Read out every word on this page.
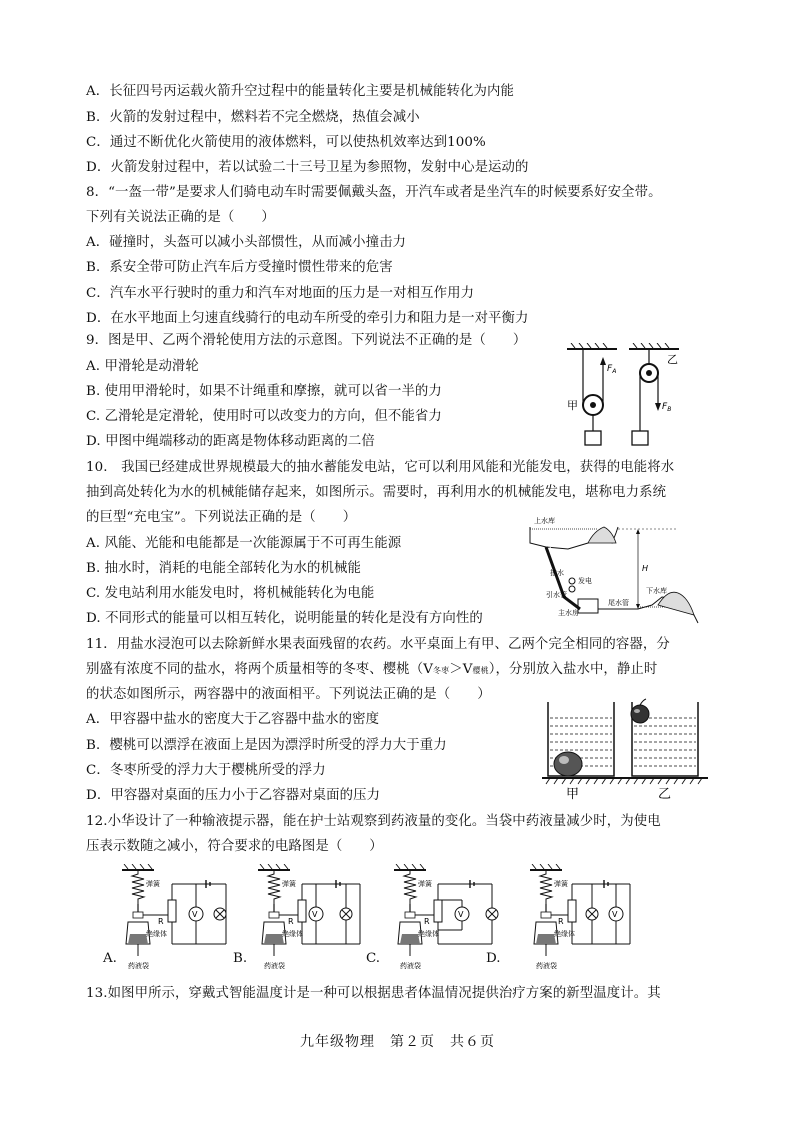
A．长征四号丙运载火箭升空过程中的能量转化主要是机械能转化为内能
B．火箭的发射过程中，燃料若不完全燃烧，热值会减小
C．通过不断优化火箭使用的液体燃料，可以使热机效率达到100%
D．火箭发射过程中，若以试验二十三号卫星为参照物，发射中心是运动的
8．“一盔一带”是要求人们骑电动车时需要佩戴头盔，开汽车或者是坐汽车的时候要系好安全带。
下列有关说法正确的是（　　）
A．碰撞时，头盔可以减小头部惯性，从而减小撞击力
B．系安全带可防止汽车后方受撞时惯性带来的危害
C．汽车水平行驶时的重力和汽车对地面的压力是一对相互作用力
D．在水平地面上匀速直线骑行的电动车所受的牵引力和阻力是一对平衡力
9．图是甲、乙两个滑轮使用方法的示意图。下列说法不正确的是（　　）
A. 甲滑轮是动滑轮
B. 使用甲滑轮时，如果不计绳重和摩擦，就可以省一半的力
C. 乙滑轮是定滑轮，使用时可以改变力的方向，但不能省力
D. 甲图中绳端移动的距离是物体移动距离的二倍
10.　我国已经建成世界规模最大的抽水蓄能发电站，它可以利用风能和光能发电，获得的电能将水
抽到高处转化为水的机械能储存起来，如图所示。需要时，再利用水的机械能发电，堪称电力系统
的巨型“充电宝”。下列说法正确的是（　　）
A. 风能、光能和电能都是一次能源属于不可再生能源
B. 抽水时，消耗的电能全部转化为水的机械能
C. 发电站利用水能发电时，将机械能转化为电能
D. 不同形式的能量可以相互转化，说明能量的转化是没有方向性的
11．用盐水浸泡可以去除新鲜水果表面残留的农药。水平桌面上有甲、乙两个完全相同的容器，分
别盛有浓度不同的盐水，将两个质量相等的冬枣、樱桃（V冬枣＞V樱桃），分别放入盐水中，静止时
的状态如图所示，两容器中的液面相平。下列说法正确的是（　　）
A．甲容器中盐水的密度大于乙容器中盐水的密度
B．樱桃可以漂浮在液面上是因为漂浮时所受的浮力大于重力
C．冬枣所受的浮力大于樱桃所受的浮力
D．甲容器对桌面的压力小于乙容器对桌面的压力
12.小华设计了一种输液提示器，能在护士站观察到药液量的变化。当袋中药液量减少时，为使电
压表示数随之减小，符合要求的电路图是（　　）
13.如图甲所示，穿戴式智能温度计是一种可以根据患者体温情况提供治疗方案的新型温度计。其
甲
乙
$F_A$
$F_B$
上水库
H
抽水
发电
引水管
主水房
下水库
尾水管
甲	乙
V
R
弹簧
绝缘体
药液袋
V
R
弹簧
绝缘体
药液袋
V
R
弹簧
绝缘体
药液袋
V
R
弹簧
绝缘体
药液袋
A.	B.	C.	D.
九年级物理　第２页　共６页
